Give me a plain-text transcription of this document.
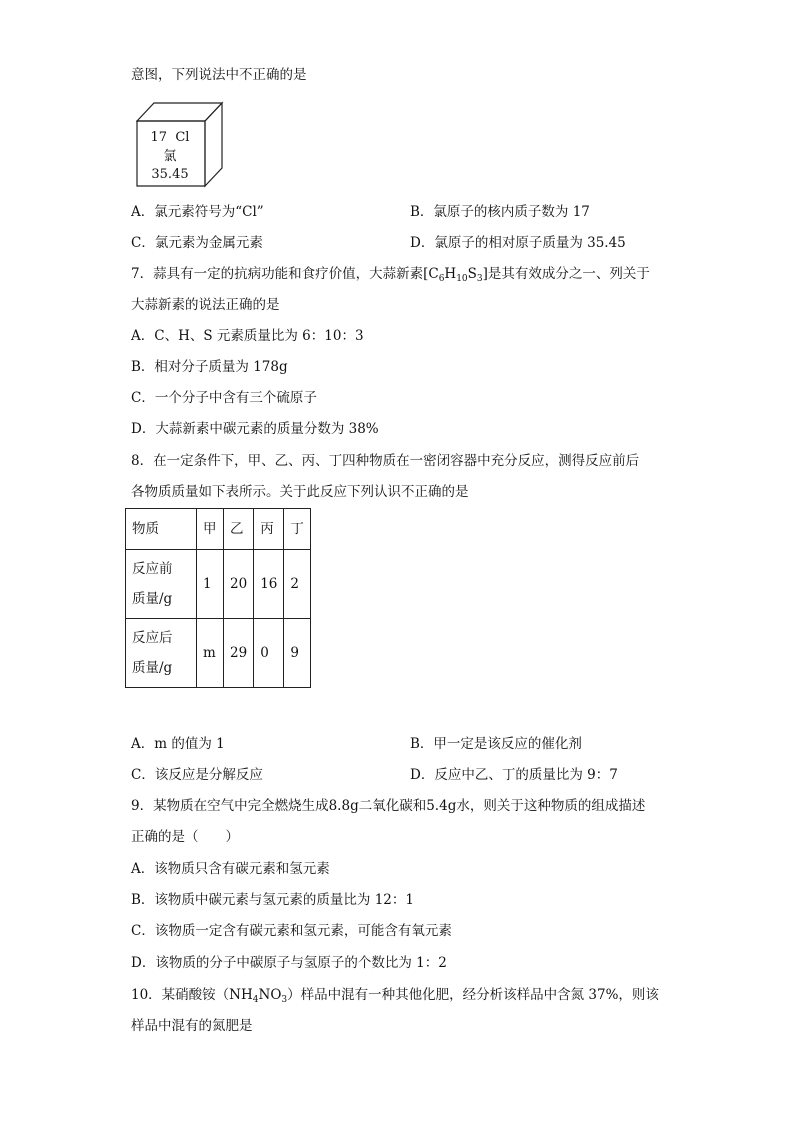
意图，下列说法中不正确的是
17 Cl
氯
35.45
A．氯元素符号为“Cl”	B．氯原子的核内质子数为 17
C．氯元素为金属元素	D．氯原子的相对原子质量为 35.45
7．蒜具有一定的抗病功能和食疗价值，大蒜新素$[C_6H_{10}S_3]$是其有效成分之一、列关于
大蒜新素的说法正确的是
A．C、H、S 元素质量比为 6：10：3
B．相对分子质量为 178g
C．一个分子中含有三个硫原子
D．大蒜新素中碳元素的质量分数为 38%
8．在一定条件下，甲、乙、丙、丁四种物质在一密闭容器中充分反应，测得反应前后
各物质质量如下表所示。关于此反应下列认识不正确的是
物质	甲	乙	丙	丁

反应前
质量/g	1	20	16	2

反应后
质量/g	m	29	0	9
A．m 的值为 1	B．甲一定是该反应的催化剂
C．该反应是分解反应	D．反应中乙、丁的质量比为 9：7
9．某物质在空气中完全燃烧生成8.8g二氧化碳和5.4g水，则关于这种物质的组成描述
正确的是（　　）
A．该物质只含有碳元素和氢元素
B．该物质中碳元素与氢元素的质量比为 12：1
C．该物质一定含有碳元素和氢元素，可能含有氧元素
D．该物质的分子中碳原子与氢原子的个数比为 1：2
10．某硝酸铵$(NH_4NO_3)$样品中混有一种其他化肥，经分析该样品中含氮 37%，则该
样品中混有的氮肥是
